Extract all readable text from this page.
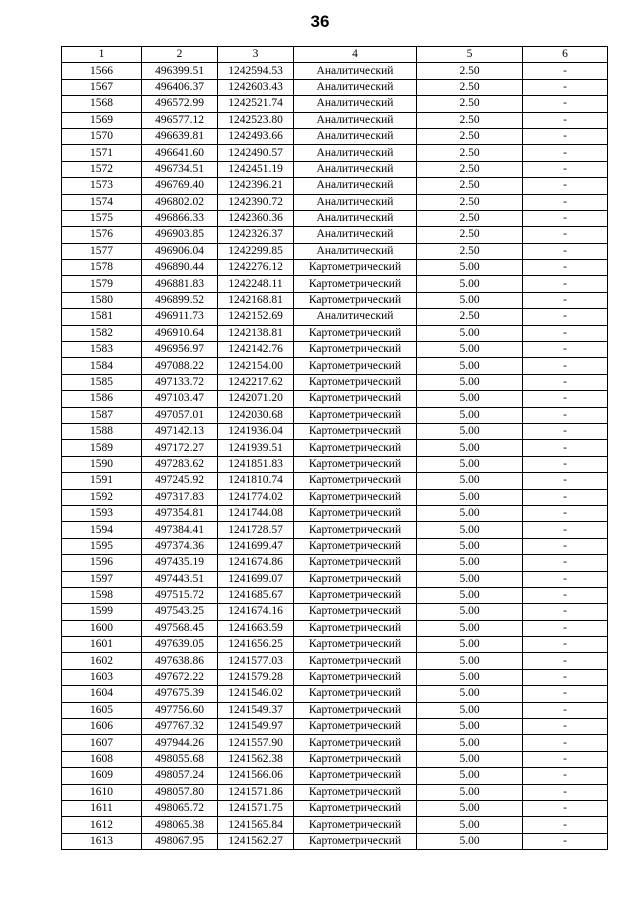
36
1	2	3	4	5	6
1566	496399.51	1242594.53	Аналитический	2.50	-
1567	496406.37	1242603.43	Аналитический	2.50	-
1568	496572.99	1242521.74	Аналитический	2.50	-
1569	496577.12	1242523.80	Аналитический	2.50	-
1570	496639.81	1242493.66	Аналитический	2.50	-
1571	496641.60	1242490.57	Аналитический	2.50	-
1572	496734.51	1242451.19	Аналитический	2.50	-
1573	496769.40	1242396.21	Аналитический	2.50	-
1574	496802.02	1242390.72	Аналитический	2.50	-
1575	496866.33	1242360.36	Аналитический	2.50	-
1576	496903.85	1242326.37	Аналитический	2.50	-
1577	496906.04	1242299.85	Аналитический	2.50	-
1578	496890.44	1242276.12	Картометрический	5.00	-
1579	496881.83	1242248.11	Картометрический	5.00	-
1580	496899.52	1242168.81	Картометрический	5.00	-
1581	496911.73	1242152.69	Аналитический	2.50	-
1582	496910.64	1242138.81	Картометрический	5.00	-
1583	496956.97	1242142.76	Картометрический	5.00	-
1584	497088.22	1242154.00	Картометрический	5.00	-
1585	497133.72	1242217.62	Картометрический	5.00	-
1586	497103.47	1242071.20	Картометрический	5.00	-
1587	497057.01	1242030.68	Картометрический	5.00	-
1588	497142.13	1241936.04	Картометрический	5.00	-
1589	497172.27	1241939.51	Картометрический	5.00	-
1590	497283.62	1241851.83	Картометрический	5.00	-
1591	497245.92	1241810.74	Картометрический	5.00	-
1592	497317.83	1241774.02	Картометрический	5.00	-
1593	497354.81	1241744.08	Картометрический	5.00	-
1594	497384.41	1241728.57	Картометрический	5.00	-
1595	497374.36	1241699.47	Картометрический	5.00	-
1596	497435.19	1241674.86	Картометрический	5.00	-
1597	497443.51	1241699.07	Картометрический	5.00	-
1598	497515.72	1241685.67	Картометрический	5.00	-
1599	497543.25	1241674.16	Картометрический	5.00	-
1600	497568.45	1241663.59	Картометрический	5.00	-
1601	497639.05	1241656.25	Картометрический	5.00	-
1602	497638.86	1241577.03	Картометрический	5.00	-
1603	497672.22	1241579.28	Картометрический	5.00	-
1604	497675.39	1241546.02	Картометрический	5.00	-
1605	497756.60	1241549.37	Картометрический	5.00	-
1606	497767.32	1241549.97	Картометрический	5.00	-
1607	497944.26	1241557.90	Картометрический	5.00	-
1608	498055.68	1241562.38	Картометрический	5.00	-
1609	498057.24	1241566.06	Картометрический	5.00	-
1610	498057.80	1241571.86	Картометрический	5.00	-
1611	498065.72	1241571.75	Картометрический	5.00	-
1612	498065.38	1241565.84	Картометрический	5.00	-
1613	498067.95	1241562.27	Картометрический	5.00	-
